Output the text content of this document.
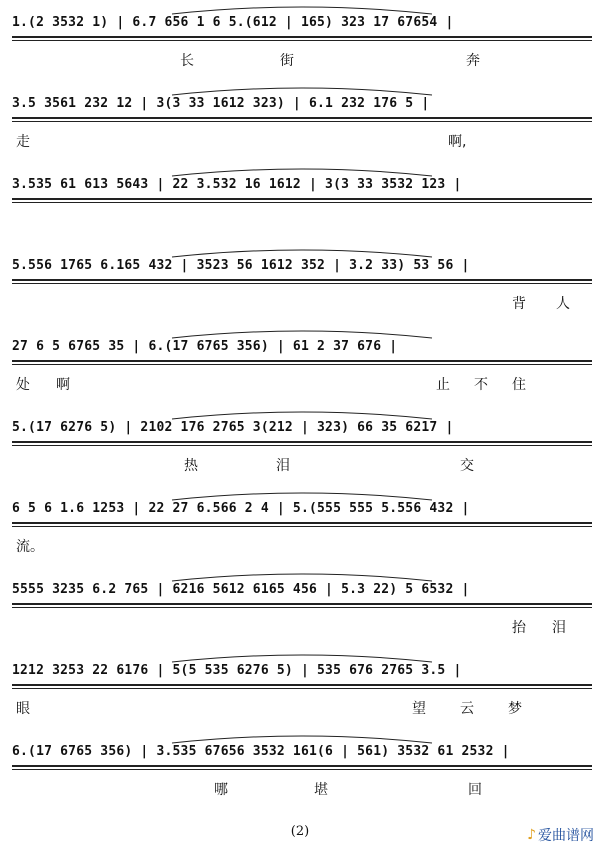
1.(2 3532 1) | 6.7 656 1 6 5.(612 | 165) 323 17 67654 |
长	街	奔
3.5 3561 232 12 | 3(3 33 1612 323) | 6.1 232 176 5 |
走	啊,
3.535 61 613 5643 | 22 3.532 16 1612 | 3(3 33 3532 123 |
5.556 1765 6.165 432 | 3523 56 1612 352 | 3.2 33) 53 56 |
背 人
27 6 5 6765 35 | 6.(17 6765 356) | 61 2 37 676 |
处 啊	止 不 住
5.(17 6276 5) | 2102 176 2765 3(212 | 323) 66 35 6217 |
热	泪	交
6 5 6 1.6 1253 | 22 27 6.566 2 4 | 5.(555 555 5.556 432 |
流。
5555 3235 6.2 765 | 6216 5612 6165 456 | 5.3 22) 5 6532 |
抬 泪
1212 3253 22 6176 | 5(5 535 6276 5) | 535 676 2765 3.5 |
眼	望 云 梦
6.(17 6765 356) | 3.535 67656 3532 161(6 | 561) 3532 61 2532 |
哪	堪	回
(2)	♪ 爱曲谱网
